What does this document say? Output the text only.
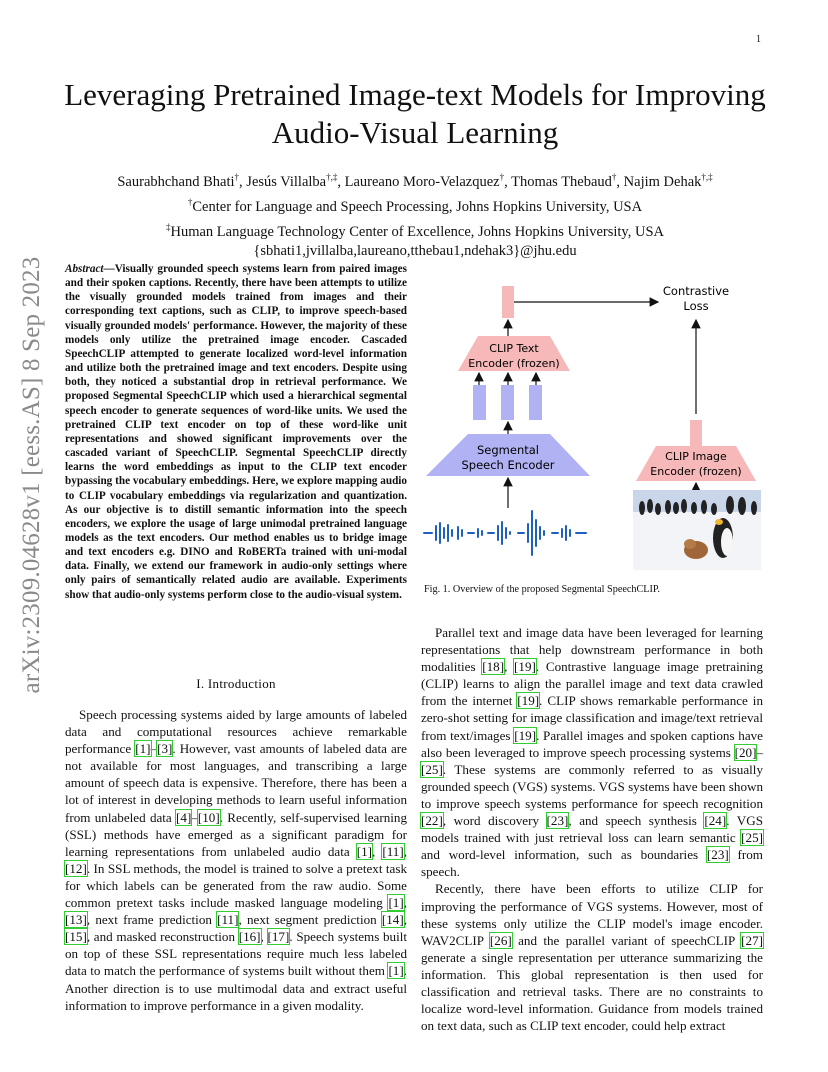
1
arXiv:2309.04628v1 [eess.AS] 8 Sep 2023
Leveraging Pretrained Image-text Models for Improving Audio-Visual Learning
Saurabhchand Bhati†, Jesús Villalba†,‡, Laureano Moro-Velazquez†, Thomas Thebaud†, Najim Dehak†,‡
†Center for Language and Speech Processing, Johns Hopkins University, USA
‡Human Language Technology Center of Excellence, Johns Hopkins University, USA
{sbhati1,jvillalba,laureano,tthebau1,ndehak3}@jhu.edu
Abstract—Visually grounded speech systems learn from paired images and their spoken captions. Recently, there have been attempts to utilize the visually grounded models trained from images and their corresponding text captions, such as CLIP, to improve speech-based visually grounded models' performance. However, the majority of these models only utilize the pretrained image encoder. Cascaded SpeechCLIP attempted to generate localized word-level information and utilize both the pretrained image and text encoders. Despite using both, they noticed a substantial drop in retrieval performance. We proposed Segmental SpeechCLIP which used a hierarchical segmental speech encoder to generate sequences of word-like units. We used the pretrained CLIP text encoder on top of these word-like unit representations and showed significant improvements over the cascaded variant of SpeechCLIP. Segmental SpeechCLIP directly learns the word embeddings as input to the CLIP text encoder bypassing the vocabulary embeddings. Here, we explore mapping audio to CLIP vocabulary embeddings via regularization and quantization. As our objective is to distill semantic information into the speech encoders, we explore the usage of large unimodal pretrained language models as the text encoders. Our method enables us to bridge image and text encoders e.g. DINO and RoBERTa trained with uni-modal data. Finally, we extend our framework in audio-only settings where only pairs of semantically related audio are available. Experiments show that audio-only systems perform close to the audio-visual system.
I. Introduction

Speech processing systems aided by large amounts of labeled data and computational resources achieve remarkable performance [1]–[3]. However, vast amounts of labeled data are not available for most languages, and transcribing a large amount of speech data is expensive. Therefore, there has been a lot of interest in developing methods to learn useful information from unlabeled data [4]–[10]. Recently, self-supervised learning (SSL) methods have emerged as a significant paradigm for learning representations from unlabeled audio data [1], [11], [12]. In SSL methods, the model is trained to solve a pretext task for which labels can be generated from the raw audio. Some common pretext tasks include masked language modeling [1], [13], next frame prediction [11], next segment prediction [14], [15], and masked reconstruction [16], [17]. Speech systems built on top of these SSL representations require much less labeled data to match the performance of systems built without them [1]. Another direction is to use multimodal data and extract useful information to improve performance in a given modality.

Contrastive
Loss
CLIP Text
Encoder (frozen)
Segmental
Speech Encoder
CLIP Image
Encoder (frozen)
Fig. 1. Overview of the proposed Segmental SpeechCLIP.

Parallel text and image data have been leveraged for learning representations that help downstream performance in both modalities [18], [19]. Contrastive language image pretraining (CLIP) learns to align the parallel image and text data crawled from the internet [19]. CLIP shows remarkable performance in zero-shot setting for image classification and image/text retrieval from text/images [19]. Parallel images and spoken captions have also been leveraged to improve speech processing systems [20]–[25]. These systems are commonly referred to as visually grounded speech (VGS) systems. VGS systems have been shown to improve speech systems performance for speech recognition [22], word discovery [23], and speech synthesis [24]. VGS models trained with just retrieval loss can learn semantic [25] and word-level information, such as boundaries [23] from speech.

Recently, there have been efforts to utilize CLIP for improving the performance of VGS systems. However, most of these systems only utilize the CLIP model's image encoder. WAV2CLIP [26] and the parallel variant of speechCLIP [27] generate a single representation per utterance summarizing the information. This global representation is then used for classification and retrieval tasks. There are no constraints to localize word-level information. Guidance from models trained on text data, such as CLIP text encoder, could help extract
